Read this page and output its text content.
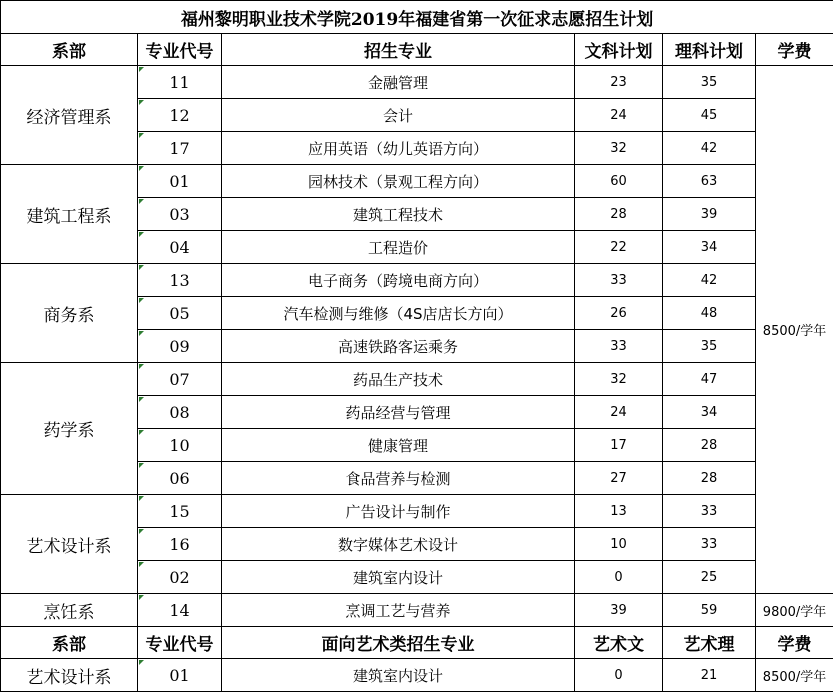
福州黎明职业技术学院2019年福建省第一次征求志愿招生计划					
系部	专业代号	招生专业	文科计划	理科计划	学费
经济管理系	11	金融管理	23	35	8500/学年
	12	会计	24	45	
	17	应用英语（幼儿英语方向）	32	42	
建筑工程系	01	园林技术（景观工程方向）	60	63	
	03	建筑工程技术	28	39	
	04	工程造价	22	34	
商务系	13	电子商务（跨境电商方向）	33	42	
	05	汽车检测与维修（4S店店长方向）	26	48	
	09	高速铁路客运乘务	33	35	
药学系	07	药品生产技术	32	47	
	08	药品经营与管理	24	34	
	10	健康管理	17	28	
	06	食品营养与检测	27	28	
艺术设计系	15	广告设计与制作	13	33	
	16	数字媒体艺术设计	10	33	
	02	建筑室内设计	0	25	
烹饪系	14	烹调工艺与营养	39	59	9800/学年
系部	专业代号	面向艺术类招生专业	艺术文	艺术理	学费
艺术设计系	01	建筑室内设计	0	21	8500/学年
